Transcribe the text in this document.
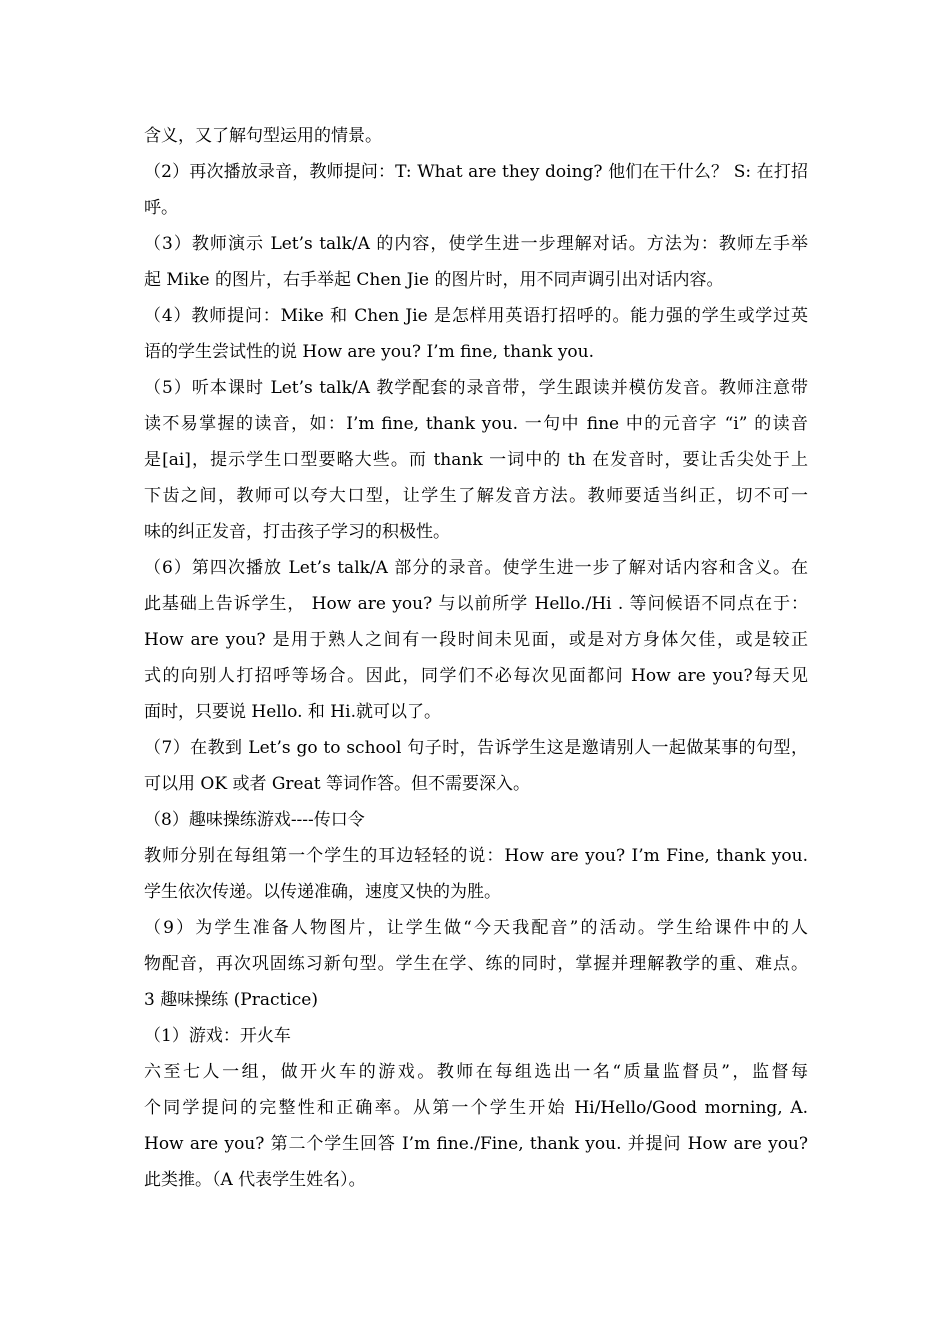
含义，又了解句型运用的情景。
（2）再次播放录音，教师提问：T: What are they doing? 他们在干什么？ S: 在打招
呼。
（3）教师演示 Let’s talk/A 的内容，使学生进一步理解对话。方法为：教师左手举
起 Mike 的图片，右手举起 Chen Jie 的图片时，用不同声调引出对话内容。
（4）教师提问：Mike 和 Chen Jie 是怎样用英语打招呼的。能力强的学生或学过英
语的学生尝试性的说 How are you? I’m fine, thank you.
（5）听本课时 Let’s talk/A 教学配套的录音带，学生跟读并模仿发音。教师注意带
读不易掌握的读音，如：I’m fine, thank you. 一句中 fine 中的元音字 “i” 的读音
是[ai]，提示学生口型要略大些。而 thank 一词中的 th 在发音时，要让舌尖处于上
下齿之间，教师可以夸大口型，让学生了解发音方法。教师要适当纠正，切不可一
味的纠正发音，打击孩子学习的积极性。
（6）第四次播放 Let’s talk/A 部分的录音。使学生进一步了解对话内容和含义。在
此基础上告诉学生， How are you? 与以前所学 Hello./Hi . 等问候语不同点在于：
How are you? 是用于熟人之间有一段时间未见面，或是对方身体欠佳，或是较正
式的向别人打招呼等场合。因此，同学们不必每次见面都问 How are you?每天见
面时，只要说 Hello. 和 Hi.就可以了。
（7）在教到 Let’s go to school 句子时，告诉学生这是邀请别人一起做某事的句型，
可以用 OK 或者 Great 等词作答。但不需要深入。
（8）趣味操练游戏----传口令
教师分别在每组第一个学生的耳边轻轻的说：How are you? I’m Fine, thank you.
学生依次传递。以传递准确，速度又快的为胜。
（9）为学生准备人物图片，让学生做“今天我配音”的活动。学生给课件中的人
物配音，再次巩固练习新句型。学生在学、练的同时，掌握并理解教学的重、难点。
3 趣味操练 (Practice)
（1）游戏：开火车
六至七人一组，做开火车的游戏。教师在每组选出一名“质量监督员”，监督每
个同学提问的完整性和正确率。从第一个学生开始 Hi/Hello/Good morning, A.
How are you? 第二个学生回答 I’m fine./Fine, thank you. 并提问 How are you?
此类推。（A 代表学生姓名）。
